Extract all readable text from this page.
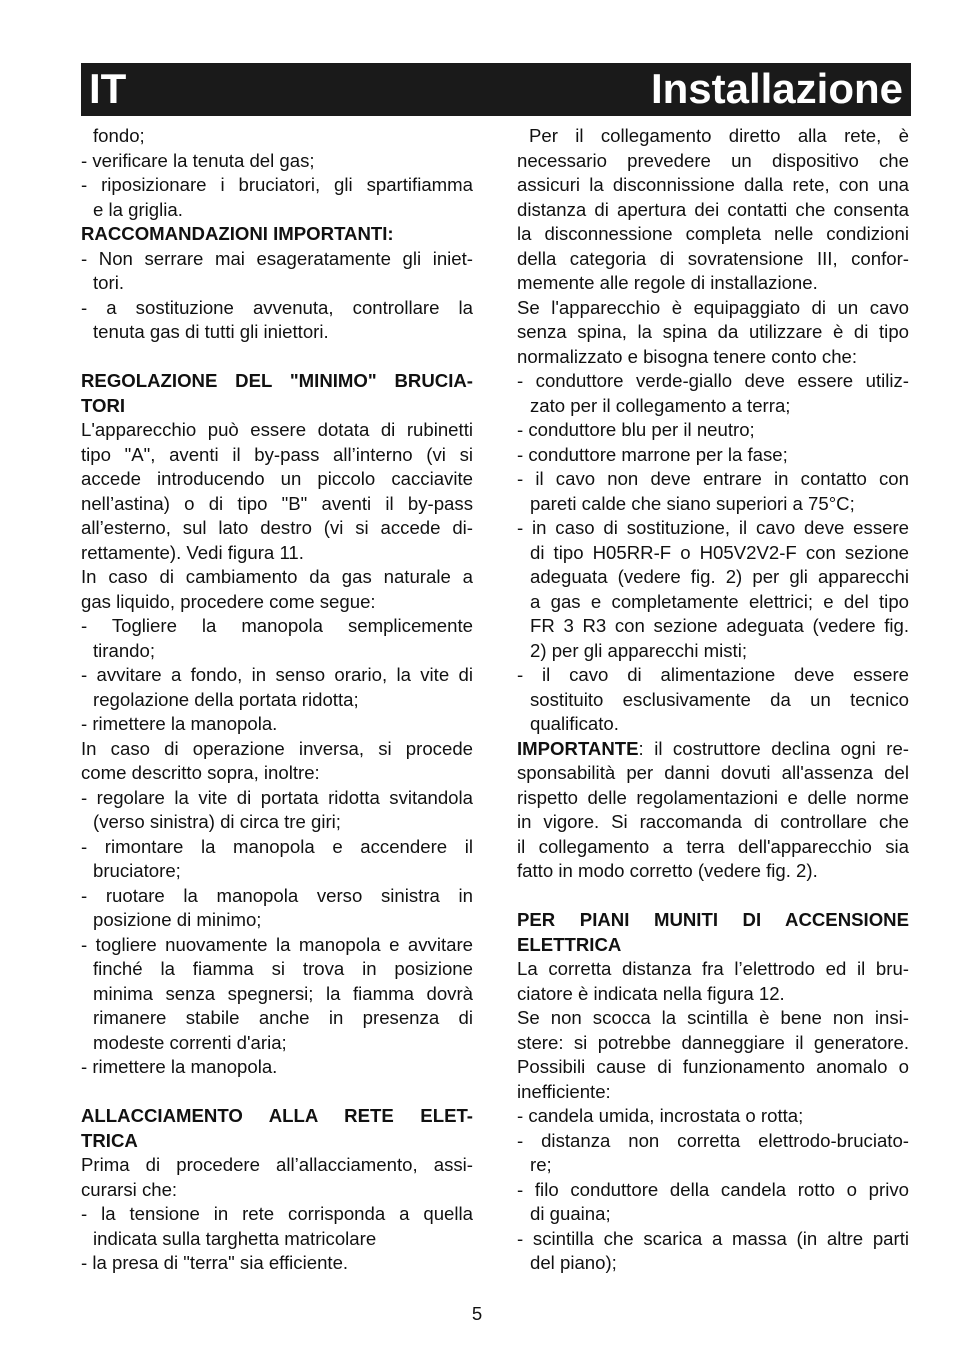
IT	Installazione
fondo;
- verificare la tenuta del gas;
- riposizionare i bruciatori, gli spartifiamma
e la griglia.
RACCOMANDAZIONI IMPORTANTI:
- Non serrare mai esageratamente gli iniet-
tori.
- a sostituzione avvenuta, controllare la
tenuta gas di tutti gli iniettori.
REGOLAZIONE DEL "MINIMO" BRUCIA-
TORI
L'apparecchio può essere dotata di rubinetti
tipo "A", aventi il by-pass all’interno (vi si
accede introducendo un piccolo cacciavite
nell’astina) o di tipo "B" aventi il by-pass
all’esterno, sul lato destro (vi si accede di-
rettamente). Vedi figura 11.
In caso di cambiamento da gas naturale a
gas liquido, procedere come segue:
- Togliere la manopola semplicemente
tirando;
- avvitare a fondo, in senso orario, la vite di
regolazione della portata ridotta;
- rimettere la manopola.
In caso di operazione inversa, si procede
come descritto sopra, inoltre:
- regolare la vite di portata ridotta svitandola
(verso sinistra) di circa tre giri;
- rimontare la manopola e accendere il
bruciatore;
- ruotare la manopola verso sinistra in
posizione di minimo;
- togliere nuovamente la manopola e avvitare
finché la fiamma si trova in posizione
minima senza spegnersi; la fiamma dovrà
rimanere stabile anche in presenza di
modeste correnti d'aria;
- rimettere la manopola.
ALLACCIAMENTO ALLA RETE ELET-
TRICA
Prima di procedere all’allacciamento, assi-
curarsi che:
- la tensione in rete corrisponda a quella
indicata sulla targhetta matricolare
- la presa di "terra" sia efficiente.
Per il collegamento diretto alla rete, è
necessario prevedere un dispositivo che
assicuri la disconnissione dalla rete, con una
distanza di apertura dei contatti che consenta
la disconnessione completa nelle condizioni
della categoria di sovratensione III, confor-
memente alle regole di installazione.
Se l'apparecchio è equipaggiato di un cavo
senza spina, la spina da utilizzare è di tipo
normalizzato e bisogna tenere conto che:
- conduttore verde-giallo deve essere utiliz-
zato per il collegamento a terra;
- conduttore blu per il neutro;
- conduttore marrone per la fase;
- il cavo non deve entrare in contatto con
pareti calde che siano superiori a 75°C;
- in caso di sostituzione, il cavo deve essere
di tipo H05RR-F o H05V2V2-F con sezione
adeguata (vedere fig. 2) per gli apparecchi
a gas e completamente elettrici; e del tipo
FR 3 R3 con sezione adeguata (vedere fig.
2) per gli apparecchi misti;
- il cavo di alimentazione deve essere
sostituito esclusivamente da un tecnico
qualificato.
IMPORTANTE: il costruttore declina ogni re-
sponsabilità per danni dovuti all'assenza del
rispetto delle regolamentazioni e delle norme
in vigore. Si raccomanda di controllare che
il collegamento a terra dell'apparecchio sia
fatto in modo corretto (vedere fig. 2).
PER PIANI MUNITI DI ACCENSIONE
ELETTRICA
La corretta distanza fra l’elettrodo ed il bru-
ciatore è indicata nella figura 12.
Se non scocca la scintilla è bene non insi-
stere: si potrebbe danneggiare il generatore.
Possibili cause di funzionamento anomalo o
inefficiente:
- candela umida, incrostata o rotta;
- distanza non corretta elettrodo-bruciato-
re;
- filo conduttore della candela rotto o privo
di guaina;
- scintilla che scarica a massa (in altre parti
del piano);
5
